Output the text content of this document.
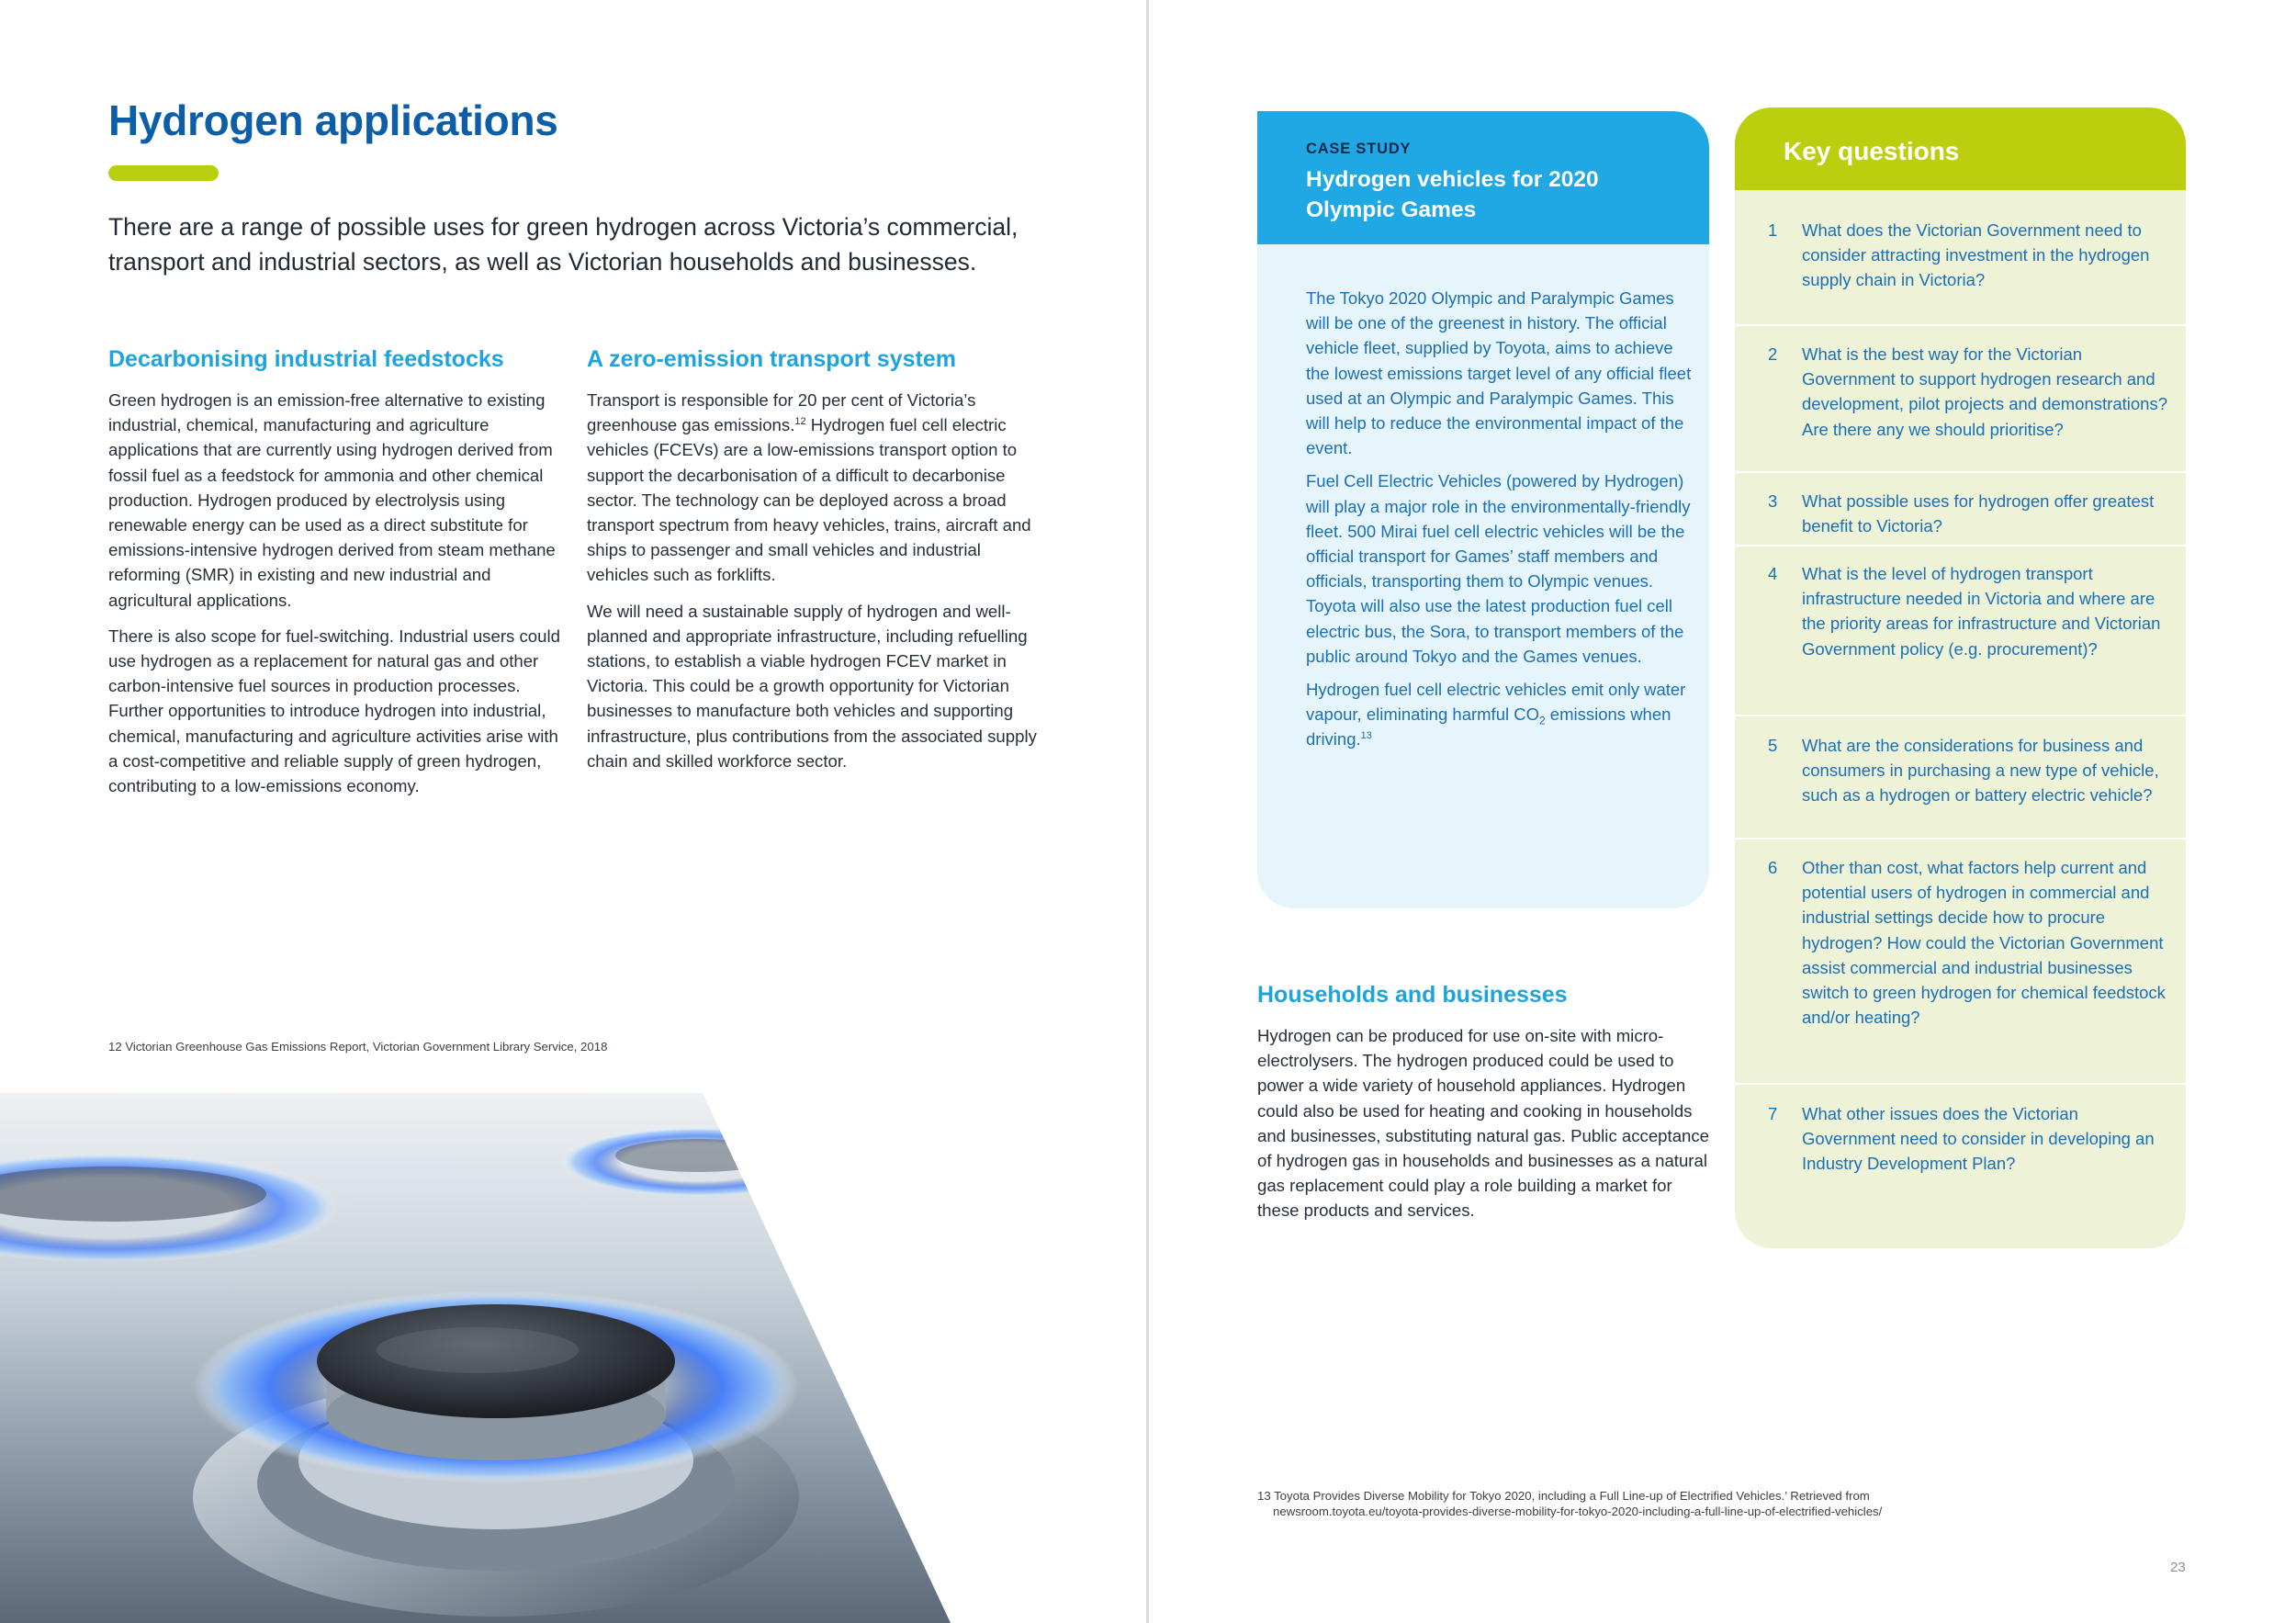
Hydrogen applications

There are a range of possible uses for green hydrogen across Victoria’s commercial, transport and industrial sectors, as well as Victorian households and businesses.

Decarbonising industrial feedstocks

Green hydrogen is an emission-free alternative to existing industrial, chemical, manufacturing and agriculture applications that are currently using hydrogen derived from fossil fuel as a feedstock for ammonia and other chemical production. Hydrogen produced by electrolysis using renewable energy can be used as a direct substitute for emissions-intensive hydrogen derived from steam methane reforming (SMR) in existing and new industrial and agricultural applications.

There is also scope for fuel-switching. Industrial users could use hydrogen as a replacement for natural gas and other carbon-intensive fuel sources in production processes. Further opportunities to introduce hydrogen into industrial, chemical, manufacturing and agriculture activities arise with a cost-competitive and reliable supply of green hydrogen, contributing to a low-emissions economy.

A zero-emission transport system

Transport is responsible for 20 per cent of Victoria’s greenhouse gas emissions.$^{12}$ Hydrogen fuel cell electric vehicles (FCEVs) are a low-emissions transport option to support the decarbonisation of a difficult to decarbonise sector. The technology can be deployed across a broad transport spectrum from heavy vehicles, trains, aircraft and ships to passenger and small vehicles and industrial vehicles such as forklifts.

We will need a sustainable supply of hydrogen and well-planned and appropriate infrastructure, including refuelling stations, to establish a viable hydrogen FCEV market in Victoria. This could be a growth opportunity for Victorian businesses to manufacture both vehicles and supporting infrastructure, plus contributions from the associated supply chain and skilled workforce sector.

12 Victorian Greenhouse Gas Emissions Report, Victorian Government Library Service, 2018
CASE STUDY
Hydrogen vehicles for 2020 Olympic Games

The Tokyo 2020 Olympic and Paralympic Games will be one of the greenest in history. The official vehicle fleet, supplied by Toyota, aims to achieve the lowest emissions target level of any official fleet used at an Olympic and Paralympic Games. This will help to reduce the environmental impact of the event.

Fuel Cell Electric Vehicles (powered by Hydrogen) will play a major role in the environmentally-friendly fleet. 500 Mirai fuel cell electric vehicles will be the official transport for Games’ staff members and officials, transporting them to Olympic venues. Toyota will also use the latest production fuel cell electric bus, the Sora, to transport members of the public around Tokyo and the Games venues.

Hydrogen fuel cell electric vehicles emit only water vapour, eliminating harmful $CO_2$ emissions when driving.$^{13}$

Households and businesses

Hydrogen can be produced for use on-site with micro-electrolysers. The hydrogen produced could be used to power a wide variety of household appliances. Hydrogen could also be used for heating and cooking in households and businesses, substituting natural gas. Public acceptance of hydrogen gas in households and businesses as a natural gas replacement could play a role building a market for these products and services.

Key questions
1 What does the Victorian Government need to consider attracting investment in the hydrogen supply chain in Victoria?
2 What is the best way for the Victorian Government to support hydrogen research and development, pilot projects and demonstrations? Are there any we should prioritise?
3 What possible uses for hydrogen offer greatest benefit to Victoria?
4 What is the level of hydrogen transport infrastructure needed in Victoria and where are the priority areas for infrastructure and Victorian Government policy (e.g. procurement)?
5 What are the considerations for business and consumers in purchasing a new type of vehicle, such as a hydrogen or battery electric vehicle?
6 Other than cost, what factors help current and potential users of hydrogen in commercial and industrial settings decide how to procure hydrogen? How could the Victorian Government assist commercial and industrial businesses switch to green hydrogen for chemical feedstock and/or heating?
7 What other issues does the Victorian Government need to consider in developing an Industry Development Plan?
13 Toyota Provides Diverse Mobility for Tokyo 2020, including a Full Line-up of Electrified Vehicles.’ Retrieved from
newsroom.toyota.eu/toyota-provides-diverse-mobility-for-tokyo-2020-including-a-full-line-up-of-electrified-vehicles/
23
